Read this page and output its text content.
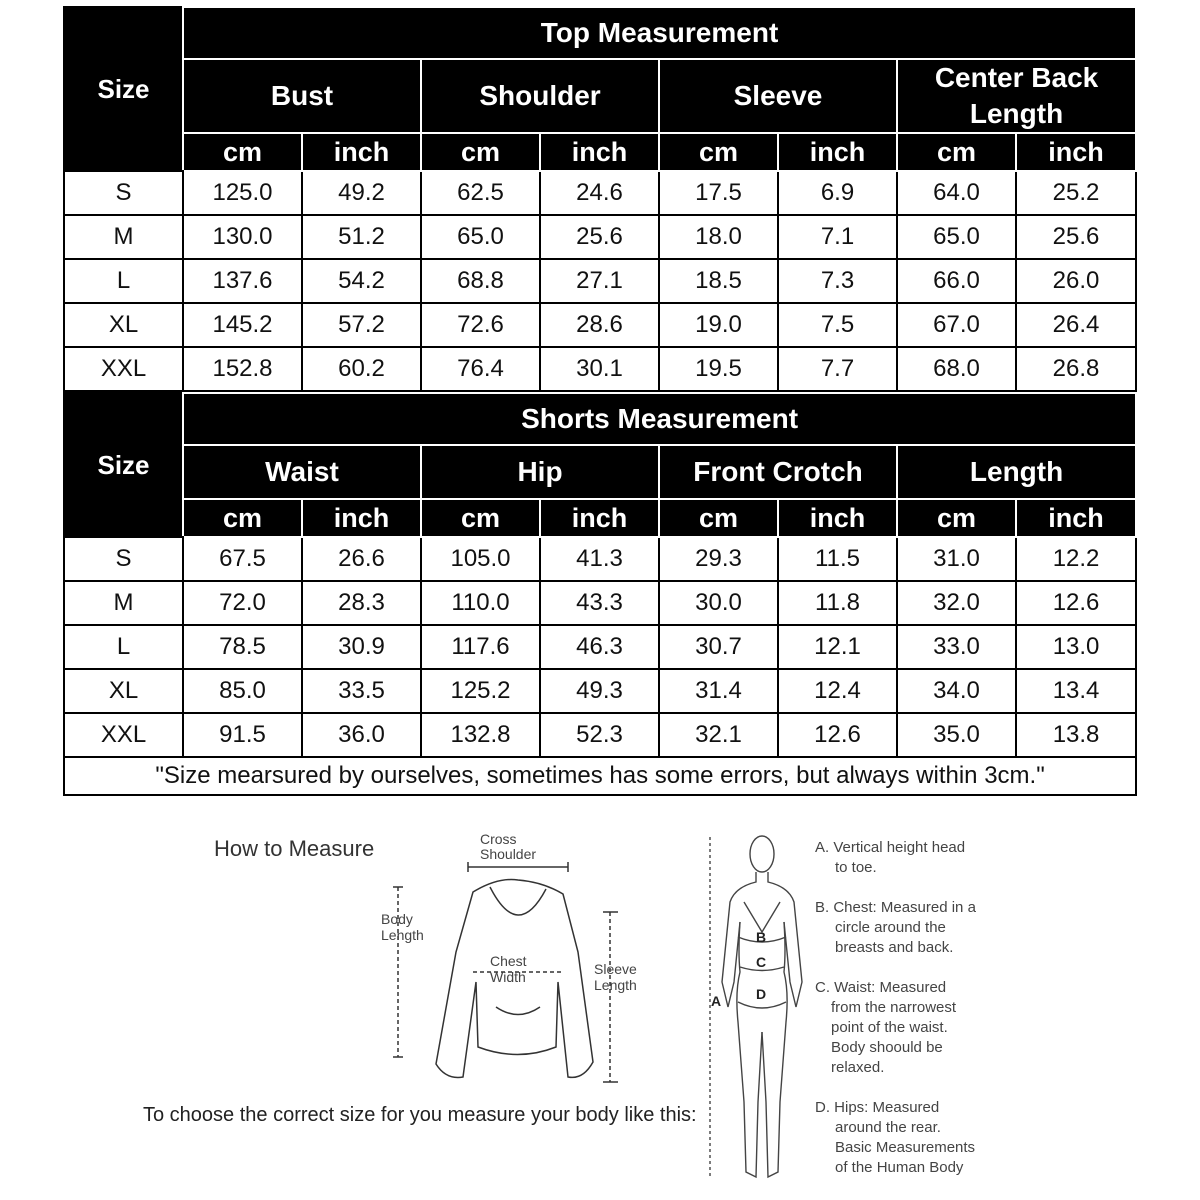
Size	Top Measurement							
	Bust		Shoulder		Sleeve		Center Back Length	
	cm	inch	cm	inch	cm	inch	cm	inch
S	125.0	49.2	62.5	24.6	17.5	6.9	64.0	25.2
M	130.0	51.2	65.0	25.6	18.0	7.1	65.0	25.6
L	137.6	54.2	68.8	27.1	18.5	7.3	66.0	26.0
XL	145.2	57.2	72.6	28.6	19.0	7.5	67.0	26.4
XXL	152.8	60.2	76.4	30.1	19.5	7.7	68.0	26.8
Size	Shorts Measurement							
	Waist		Hip		Front Crotch		Length	
	cm	inch	cm	inch	cm	inch	cm	inch
S	67.5	26.6	105.0	41.3	29.3	11.5	31.0	12.2
M	72.0	28.3	110.0	43.3	30.0	11.8	32.0	12.6
L	78.5	30.9	117.6	46.3	30.7	12.1	33.0	13.0
XL	85.0	33.5	125.2	49.3	31.4	12.4	34.0	13.4
XXL	91.5	36.0	132.8	52.3	32.1	12.6	35.0	13.8
"Size mearsured by ourselves, sometimes has some errors, but always within 3cm."								
How to Measure	Cross
Shoulder
Body
Length
Chest
Width	Sleeve
Length
To choose the correct size for you measure your body like this:
B
C
D
A
A. Vertical height head
to toe.
B. Chest: Measured in a
circle around the
breasts and back.
C. Waist: Measured
from the narrowest
point of the waist.
Body shoould be
relaxed.
D. Hips: Measured
around the rear.
Basic Measurements
of the Human Body
